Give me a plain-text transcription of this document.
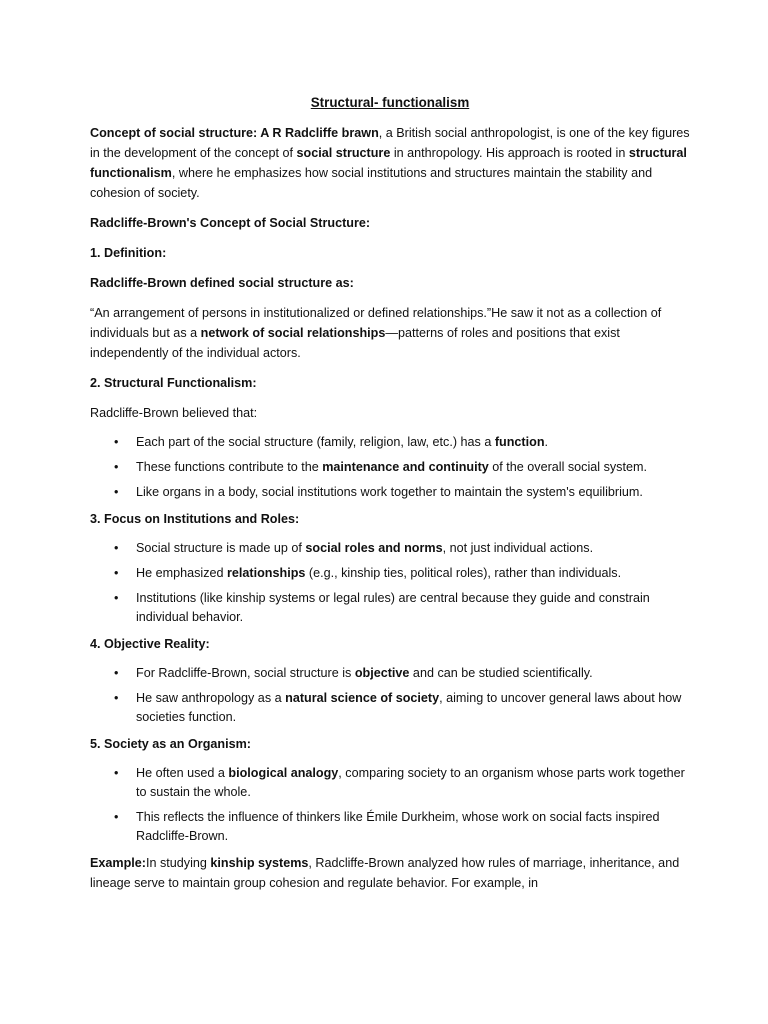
Structural- functionalism

Concept of social structure: A R Radcliffe brawn, a British social anthropologist, is one of the key figures in the development of the concept of social structure in anthropology. His approach is rooted in structural functionalism, where he emphasizes how social institutions and structures maintain the stability and cohesion of society.

Radcliffe-Brown's Concept of Social Structure:
1. Definition:
Radcliffe-Brown defined social structure as:

“An arrangement of persons in institutionalized or defined relationships.”He saw it not as a collection of individuals but as a network of social relationships—patterns of roles and positions that exist independently of the individual actors.

2. Structural Functionalism:

Radcliffe-Brown believed that:

• Each part of the social structure (family, religion, law, etc.) has a function.
• These functions contribute to the maintenance and continuity of the overall social system.
• Like organs in a body, social institutions work together to maintain the system's equilibrium.
3. Focus on Institutions and Roles:
• Social structure is made up of social roles and norms, not just individual actions.
• He emphasized relationships (e.g., kinship ties, political roles), rather than individuals.
• Institutions (like kinship systems or legal rules) are central because they guide and constrain individual behavior.
4. Objective Reality:
• For Radcliffe-Brown, social structure is objective and can be studied scientifically.
• He saw anthropology as a natural science of society, aiming to uncover general laws about how societies function.
5. Society as an Organism:
• He often used a biological analogy, comparing society to an organism whose parts work together to sustain the whole.
• This reflects the influence of thinkers like Émile Durkheim, whose work on social facts inspired Radcliffe-Brown.

Example:In studying kinship systems, Radcliffe-Brown analyzed how rules of marriage, inheritance, and lineage serve to maintain group cohesion and regulate behavior. For example, in
